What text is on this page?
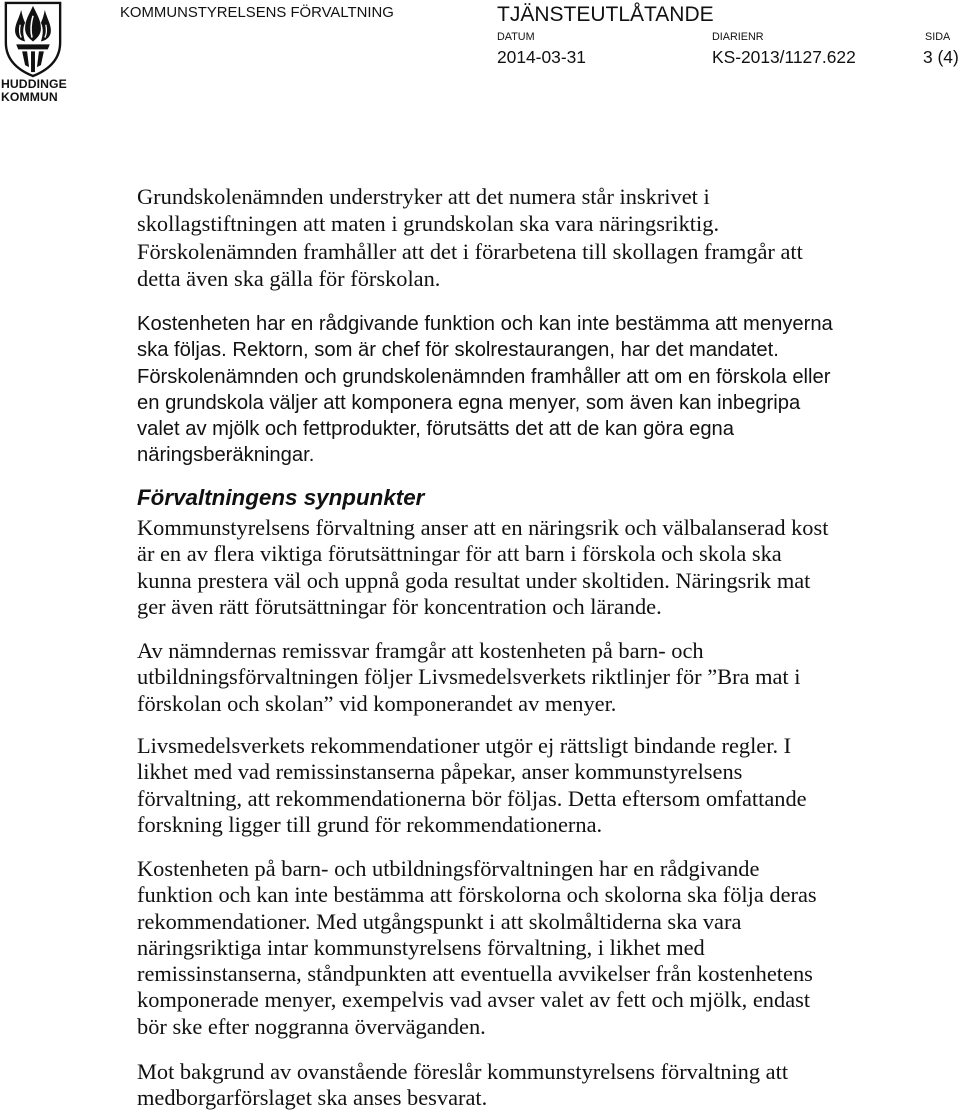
HUDDINGE
KOMMUN
KOMMUNSTYRELSENS FÖRVALTNING	TJÄNSTEUTLÅTANDE
DATUM	DIARIENR	SIDA
2014-03-31	KS-2013/1127.622	3 (4)
Grundskolenämnden understryker att det numera står inskrivet i
skollagstiftningen att maten i grundskolan ska vara näringsriktig.
Förskolenämnden framhåller att det i förarbetena till skollagen framgår att
detta även ska gälla för förskolan.
Kostenheten har en rådgivande funktion och kan inte bestämma att menyerna
ska följas. Rektorn, som är chef för skolrestaurangen, har det mandatet.
Förskolenämnden och grundskolenämnden framhåller att om en förskola eller
en grundskola väljer att komponera egna menyer, som även kan inbegripa
valet av mjölk och fettprodukter, förutsätts det att de kan göra egna
näringsberäkningar.
Förvaltningens synpunkter
Kommunstyrelsens förvaltning anser att en näringsrik och välbalanserad kost
är en av flera viktiga förutsättningar för att barn i förskola och skola ska
kunna prestera väl och uppnå goda resultat under skoltiden. Näringsrik mat
ger även rätt förutsättningar för koncentration och lärande.
Av nämndernas remissvar framgår att kostenheten på barn- och
utbildningsförvaltningen följer Livsmedelsverkets riktlinjer för ”Bra mat i
förskolan och skolan” vid komponerandet av menyer.
Livsmedelsverkets rekommendationer utgör ej rättsligt bindande regler. I
likhet med vad remissinstanserna påpekar, anser kommunstyrelsens
förvaltning, att rekommendationerna bör följas. Detta eftersom omfattande
forskning ligger till grund för rekommendationerna.
Kostenheten på barn- och utbildningsförvaltningen har en rådgivande
funktion och kan inte bestämma att förskolorna och skolorna ska följa deras
rekommendationer. Med utgångspunkt i att skolmåltiderna ska vara
näringsriktiga intar kommunstyrelsens förvaltning, i likhet med
remissinstanserna, ståndpunkten att eventuella avvikelser från kostenhetens
komponerade menyer, exempelvis vad avser valet av fett och mjölk, endast
bör ske efter noggranna överväganden.
Mot bakgrund av ovanstående föreslår kommunstyrelsens förvaltning att
medborgarförslaget ska anses besvarat.
